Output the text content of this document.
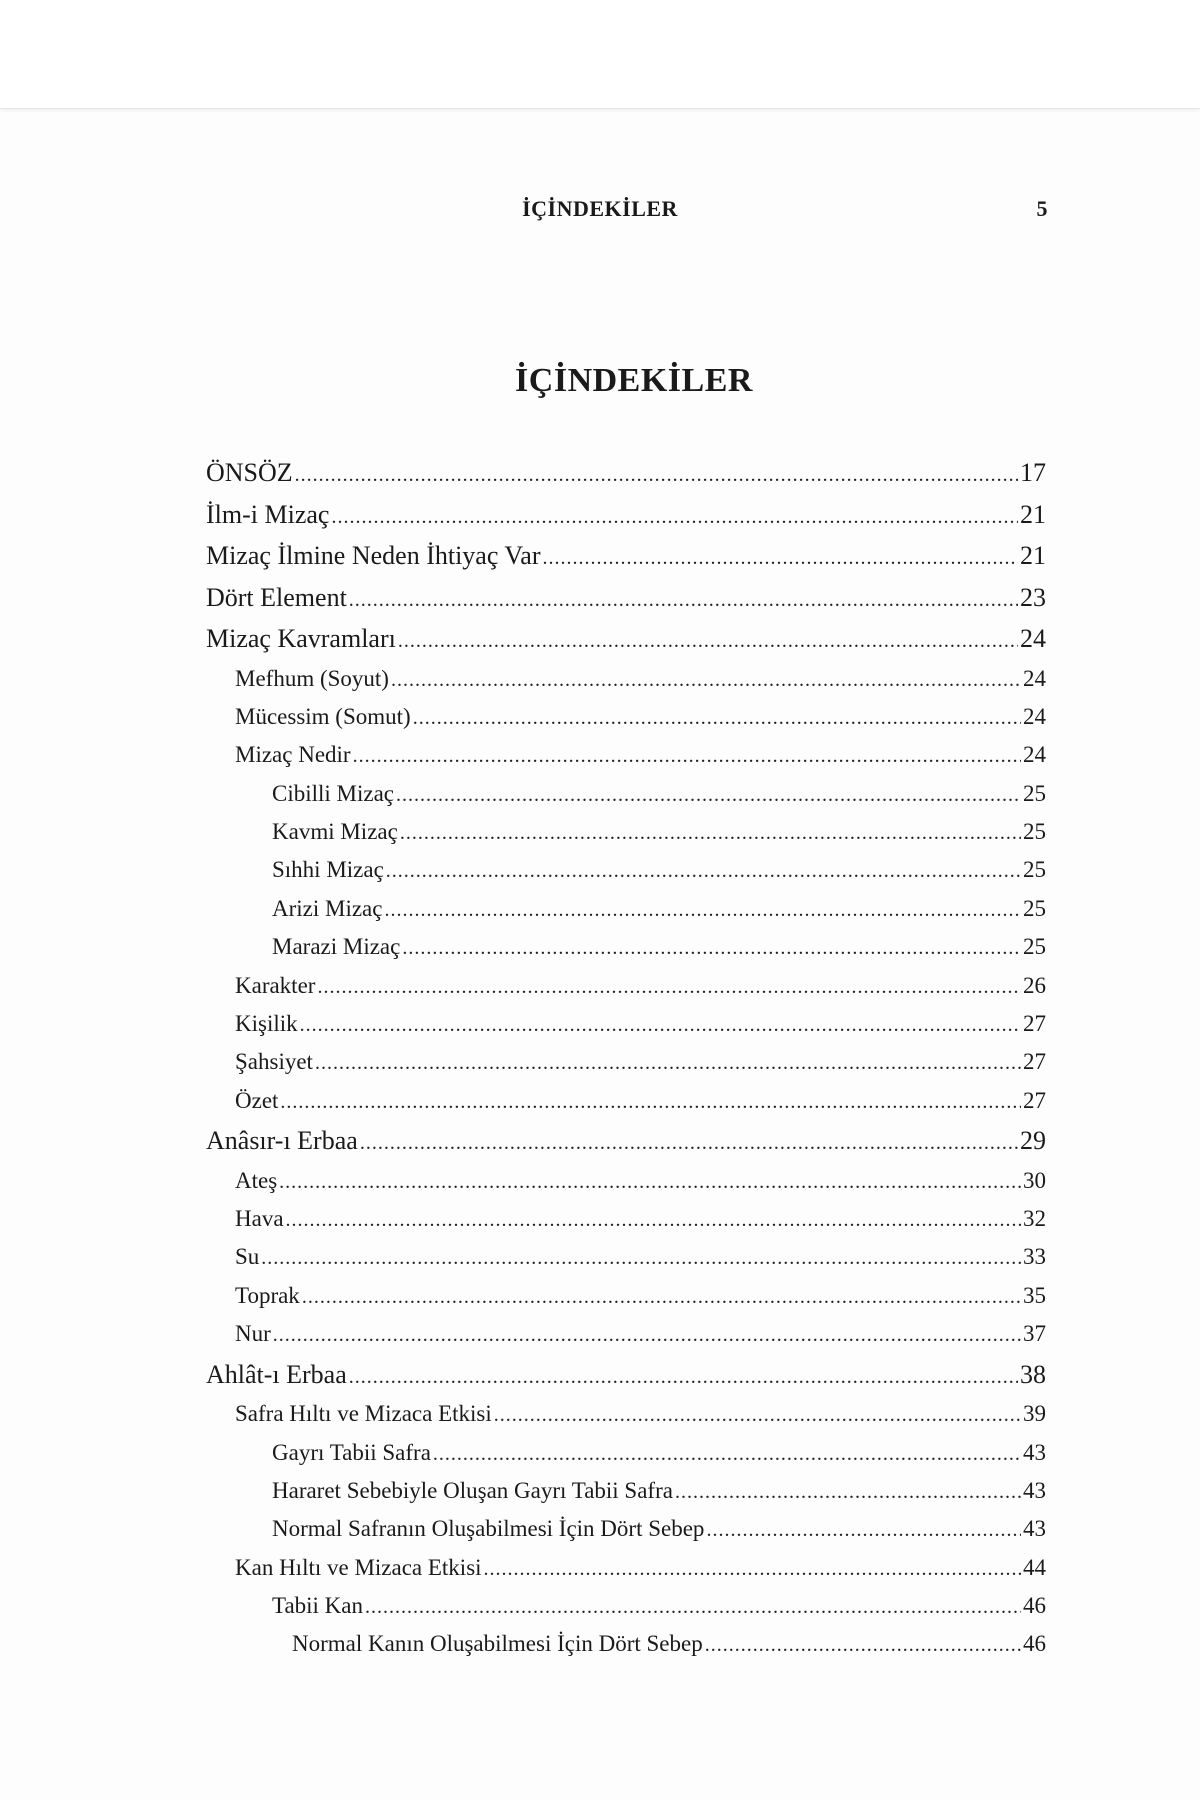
İÇİNDEKİLER	5
İÇİNDEKİLER
ÖNSÖZ .....	17
İlm-i Mizaç .....	21
Mizaç İlmine Neden İhtiyaç Var .....	21
Dört Element .....	23
Mizaç Kavramları .....	24
Mefhum (Soyut) .....	24
Mücessim (Somut) .....	24
Mizaç Nedir .....	24
Cibilli Mizaç .....	25
Kavmi Mizaç .....	25
Sıhhi Mizaç .....	25
Arizi Mizaç .....	25
Marazi Mizaç .....	25
Karakter .....	26
Kişilik .....	27
Şahsiyet .....	27
Özet .....	27
Anâsır-ı Erbaa .....	29
Ateş .....	30
Hava .....	32
Su .....	33
Toprak .....	35
Nur .....	37
Ahlât-ı Erbaa .....	38
Safra Hıltı ve Mizaca Etkisi .....	39
Gayrı Tabii Safra .....	43
Hararet Sebebiyle Oluşan Gayrı Tabii Safra .....	43
Normal Safranın Oluşabilmesi İçin Dört Sebep .....	43
Kan Hıltı ve Mizaca Etkisi .....	44
Tabii Kan .....	46
Normal Kanın Oluşabilmesi İçin Dört Sebep .....	46
